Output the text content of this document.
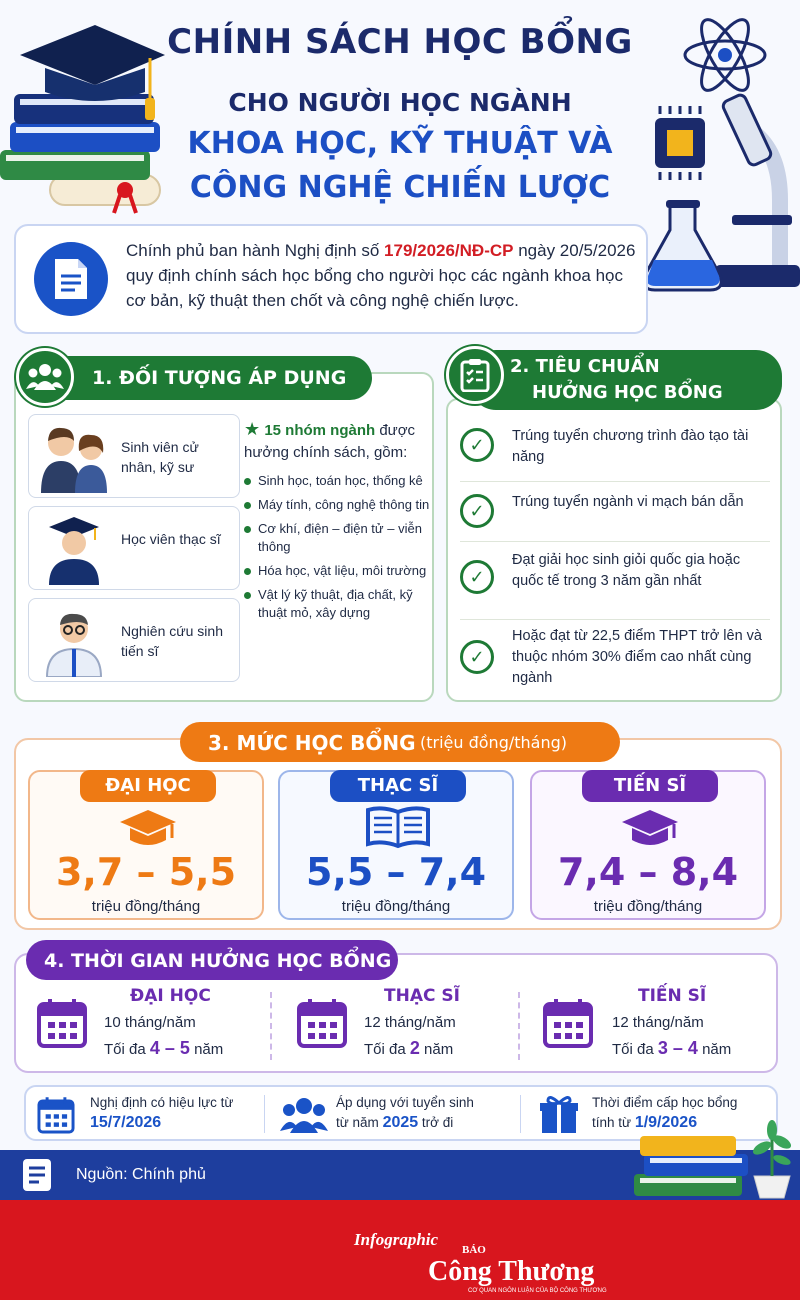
CHÍNH SÁCH HỌC BỔNG
CHO NGƯỜI HỌC NGÀNH
KHOA HỌC, KỸ THUẬT VÀ
CÔNG NGHỆ CHIẾN LƯỢC
Chính phủ ban hành Nghị định số 179/2026/NĐ-CP ngày 20/5/2026 quy định chính sách học bổng cho người học các ngành khoa học cơ bản, kỹ thuật then chốt và công nghệ chiến lược.
1. ĐỐI TƯỢNG ÁP DỤNG
Sinh viên cử nhân, kỹ sư
Học viên thạc sĩ
Nghiên cứu sinh tiến sĩ
★ 15 nhóm ngành được hưởng chính sách, gồm:
Sinh học, toán học, thống kê
Máy tính, công nghệ thông tin
Cơ khí, điện – điện tử – viễn thông
Hóa học, vật liệu, môi trường
Vật lý kỹ thuật, địa chất, kỹ thuật mỏ, xây dựng
2. TIÊU CHUẨN
HƯỞNG HỌC BỔNG
✓	Trúng tuyển chương trình đào tạo tài năng
✓	Trúng tuyển ngành vi mạch bán dẫn
✓
Đạt giải học sinh giỏi quốc gia hoặc quốc tế trong 3 năm gần nhất
✓
Hoặc đạt từ 22,5 điểm THPT trở lên và thuộc nhóm 30% điểm cao nhất cùng ngành
3. MỨC HỌC BỔNG (triệu đồng/tháng)
ĐẠI HỌC
3,7 – 5,5
triệu đồng/tháng
THẠC SĨ
5,5 – 7,4
triệu đồng/tháng
TIẾN SĨ
7,4 – 8,4
triệu đồng/tháng
4. THỜI GIAN HƯỞNG HỌC BỔNG
ĐẠI HỌC
10 tháng/năm
Tối đa 4 – 5 năm
THẠC SĨ
12 tháng/năm
Tối đa 2 năm
TIẾN SĨ
12 tháng/năm
Tối đa 3 – 4 năm
Nghị định có hiệu lực từ
15/7/2026
Áp dụng với tuyển sinh
từ năm 2025 trở đi
Thời điểm cấp học bổng
tính từ 1/9/2026
Nguồn: Chính phủ
Infographic
BÁO
Công Thương
CƠ QUAN NGÔN LUẬN CỦA BỘ CÔNG THƯƠNG
